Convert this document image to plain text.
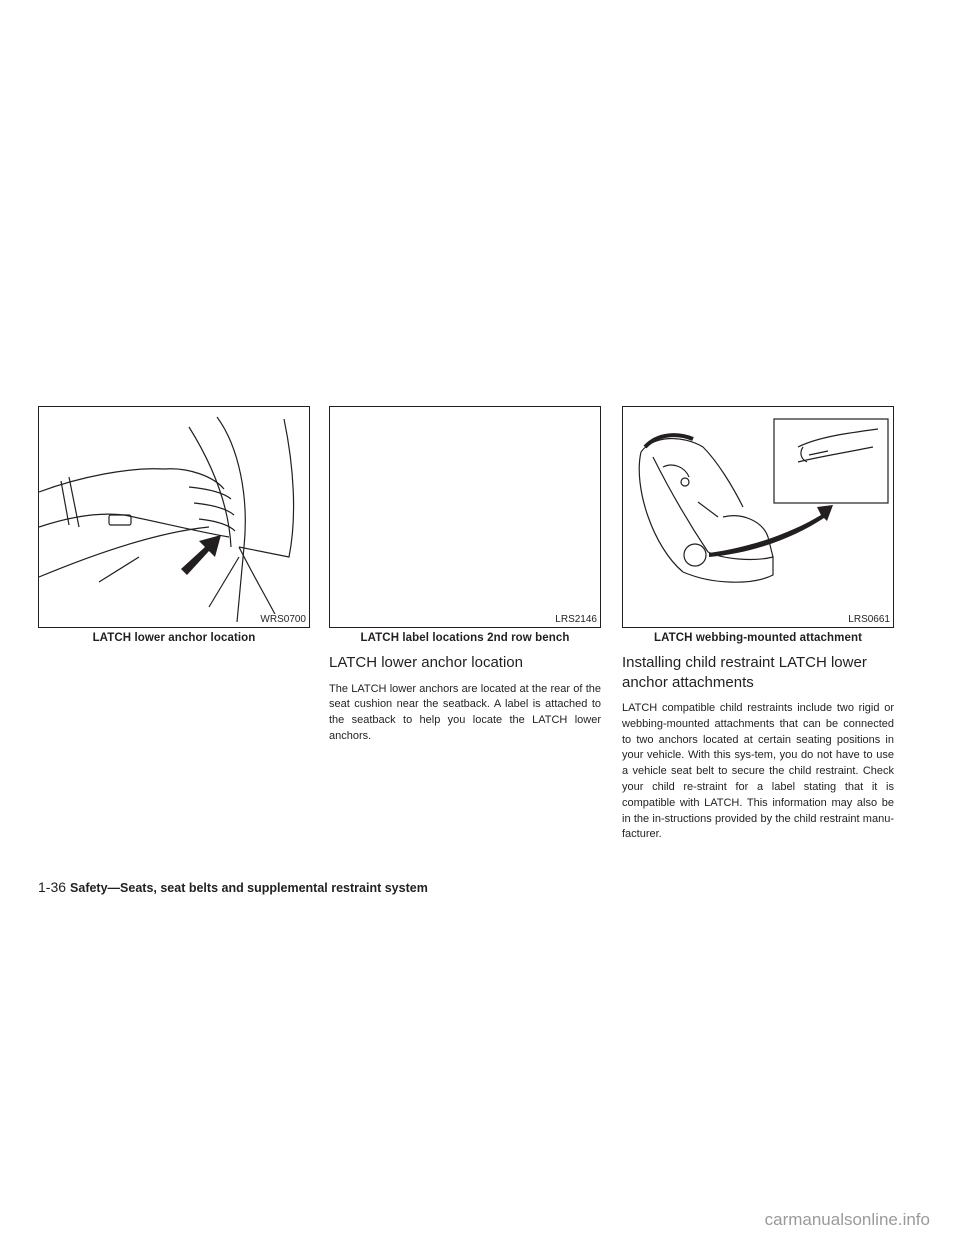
WRS0700
LATCH lower anchor location
LRS2146
LATCH label locations 2nd row bench
LATCH lower anchor location

The LATCH lower anchors are located at the rear of the seat cushion near the seatback. A label is attached to the seatback to help you locate the LATCH lower anchors.

LRS0661
LATCH webbing-mounted attachment
Installing child restraint LATCH lower anchor attachments

LATCH compatible child restraints include two rigid or webbing-mounted attachments that can be connected to two anchors located at certain seating positions in your vehicle. With this sys-tem, you do not have to use a vehicle seat belt to secure the child restraint. Check your child re-straint for a label stating that it is compatible with LATCH. This information may also be in the in-structions provided by the child restraint manu-facturer.

1-36 Safety—Seats, seat belts and supplemental restraint system
carmanualsonline.info
